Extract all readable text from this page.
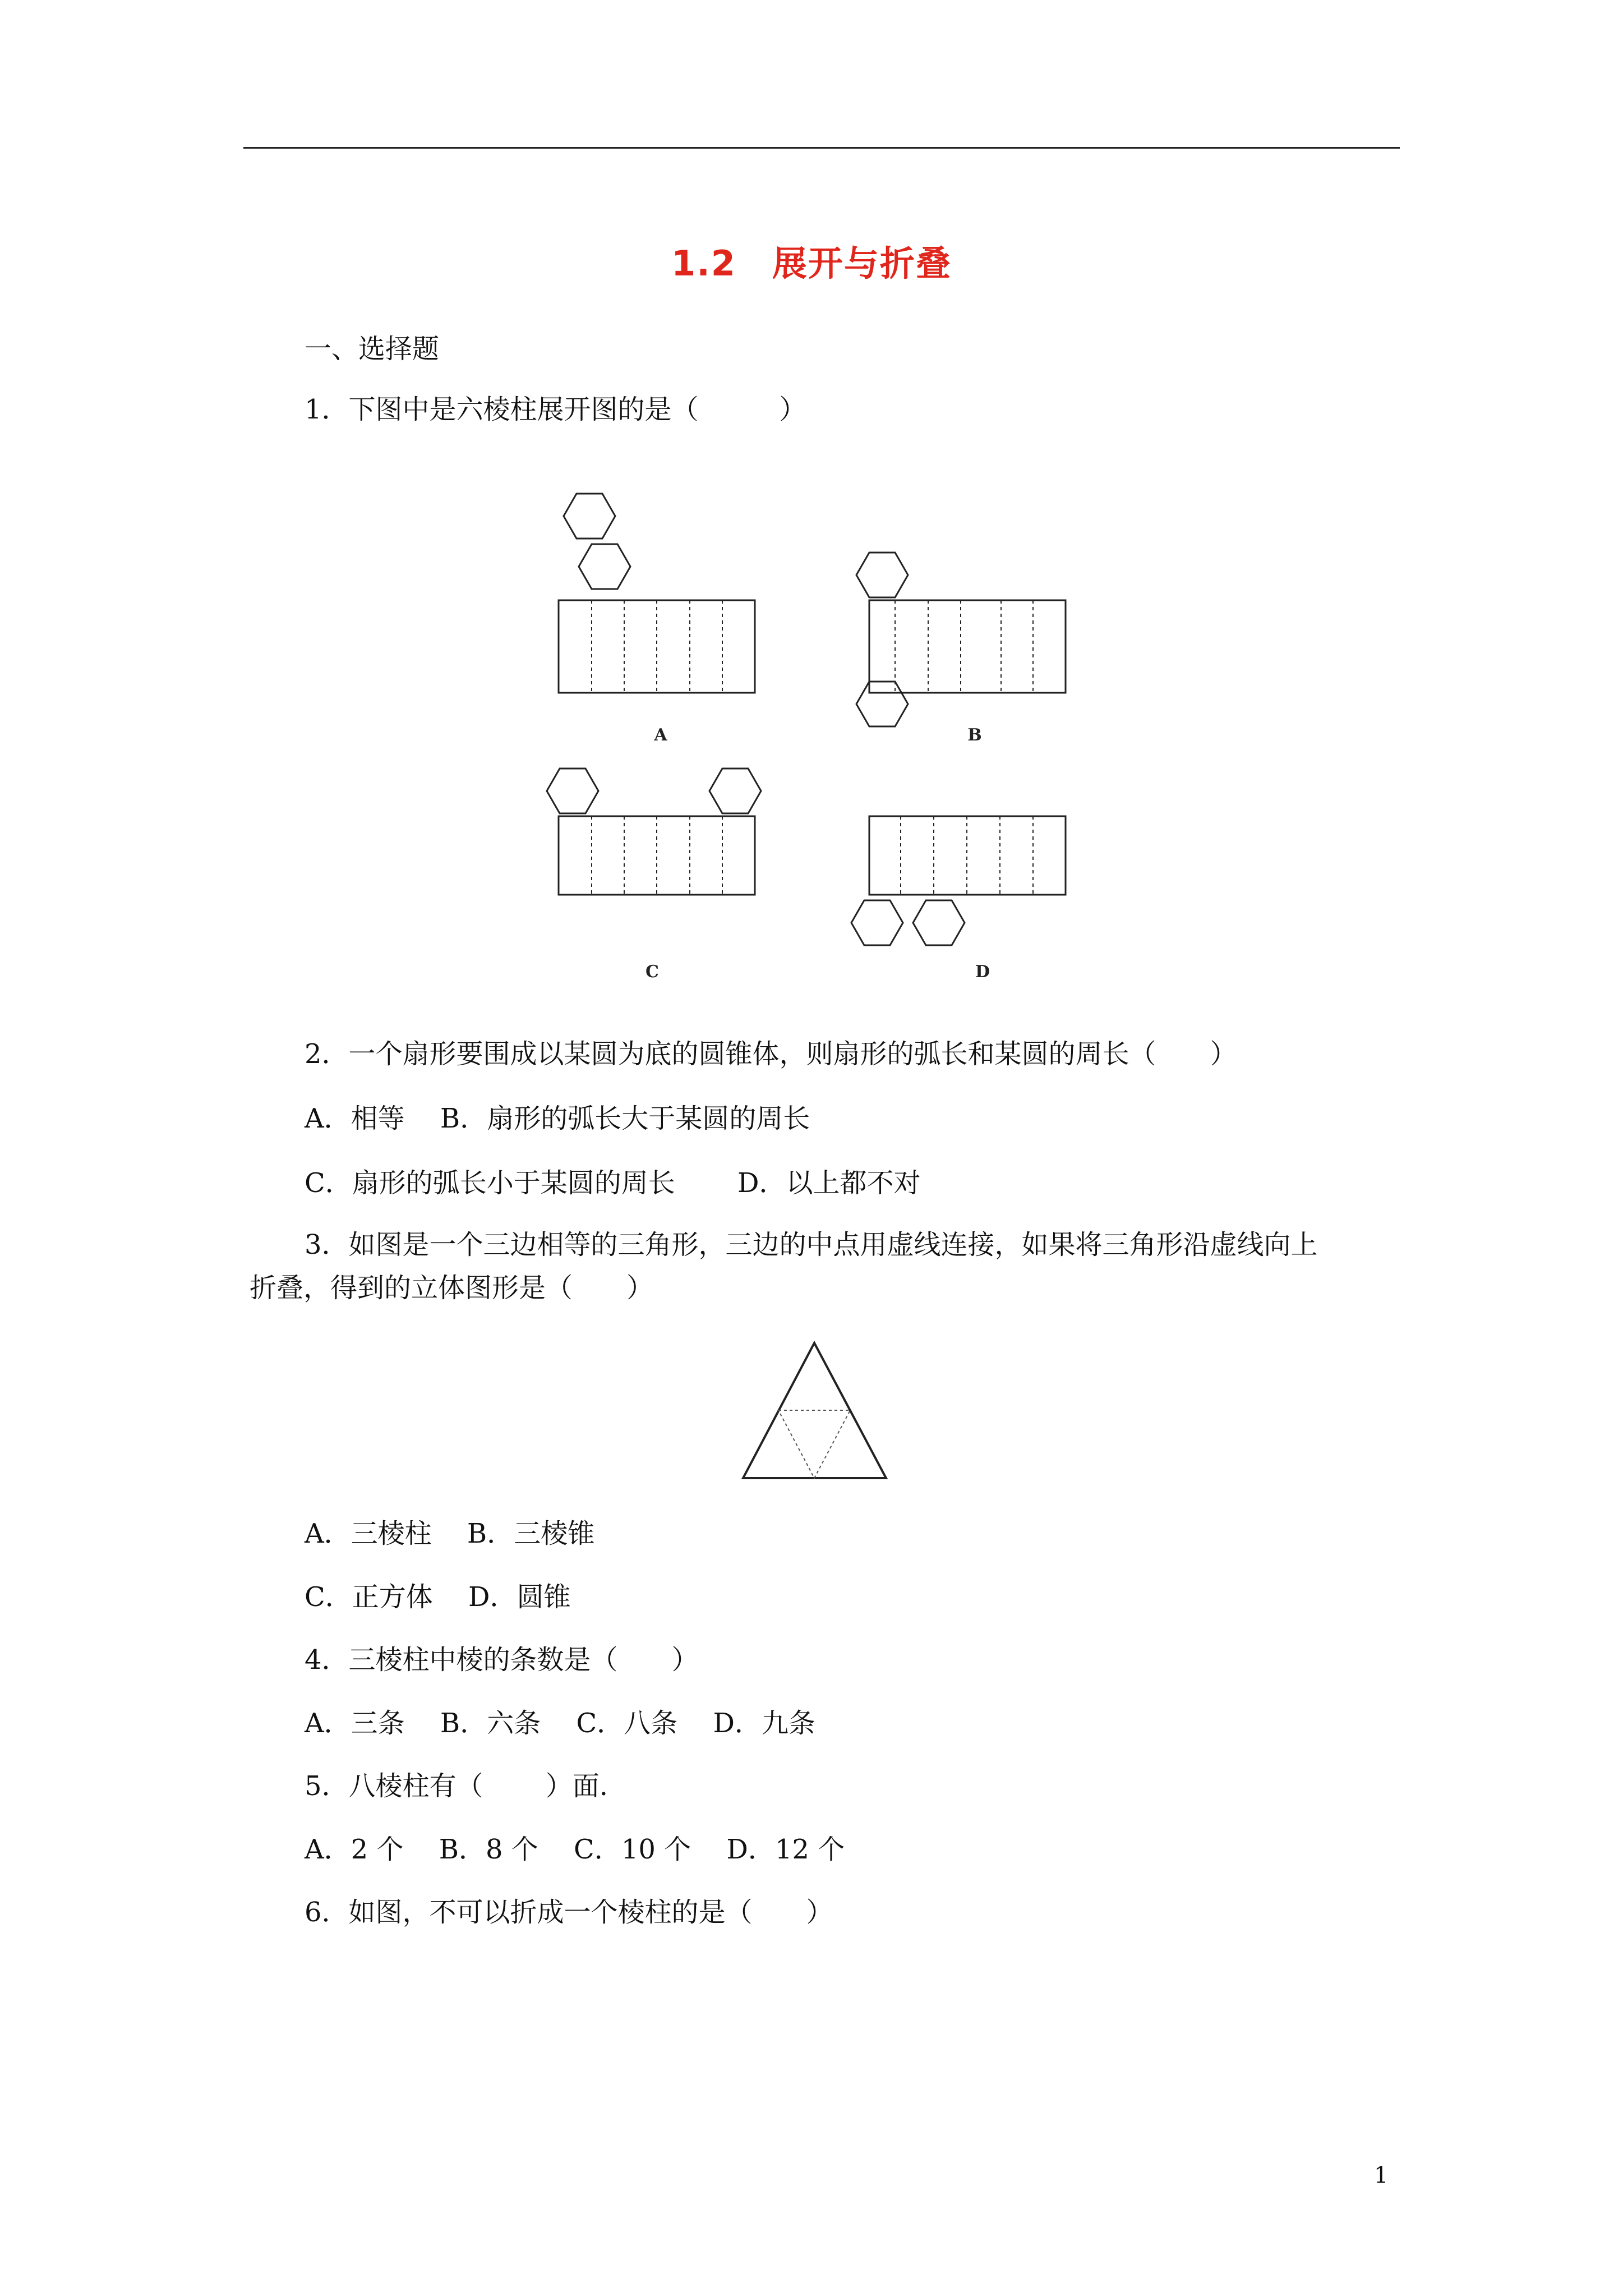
1.2　展开与折叠
一、选择题
1．下图中是六棱柱展开图的是（　　　）
A	B
C	D
2．一个扇形要围成以某圆为底的圆锥体，则扇形的弧长和某圆的周长（　　）
A．相等　 B．扇形的弧长大于某圆的周长
C．扇形的弧长小于某圆的周长　　 D．以上都不对
3．如图是一个三边相等的三角形，三边的中点用虚线连接，如果将三角形沿虚线向上
折叠，得到的立体图形是（　　）
A．三棱柱　 B．三棱锥
C．正方体　 D．圆锥
4．三棱柱中棱的条数是（　　）
A．三条　 B．六条　 C．八条　 D．九条
5．八棱柱有（　　 ）面.
A．2 个　 B．8 个　 C．10 个　 D．12 个
6．如图，不可以折成一个棱柱的是（　　）
1
